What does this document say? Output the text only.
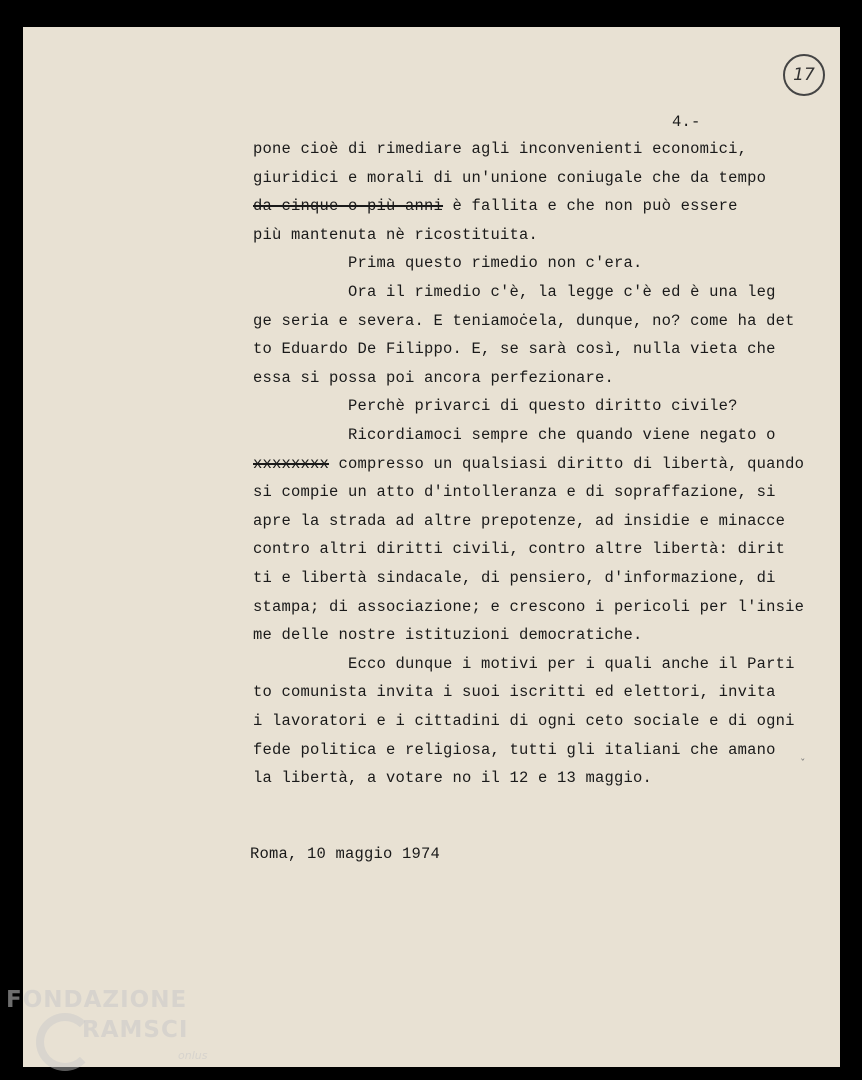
17
4.-
pone cioè di rimediare agli inconvenienti economici,
giuridici e morali di un'unione coniugale che da tempo
da cinque o più anni è fallita e che non può essere
più mantenuta nè ricostituita.
Prima questo rimedio non c'era.
Ora il rimedio c'è, la legge c'è ed è una leg
ge seria e severa. E teniamoċela, dunque, no? come ha det
to Eduardo De Filippo. E, se sarà così, nulla vieta che
essa si possa poi ancora perfezionare.
Perchè privarci di questo diritto civile?
Ricordiamoci sempre che quando viene negato o
xxxxxxxx compresso un qualsiasi diritto di libertà, quando
si compie un atto d'intolleranza e di sopraffazione, si
apre la strada ad altre prepotenze, ad insidie e minacce
contro altri diritti civili, contro altre libertà: dirit
ti e libertà sindacale, di pensiero, d'informazione, di
stampa; di associazione; e crescono i pericoli per l'insie
me delle nostre istituzioni democratiche.
Ecco dunque i motivi per i quali anche il Parti
to comunista invita i suoi iscritti ed elettori, invita
i lavoratori e i cittadini di ogni ceto sociale e di ogni
fede politica e religiosa, tutti gli italiani che amano
la libertà, a votare no il 12 e 13 maggio.
Roma, 10 maggio 1974
ˇ
FONDAZIONE
RAMSCI
onlus
